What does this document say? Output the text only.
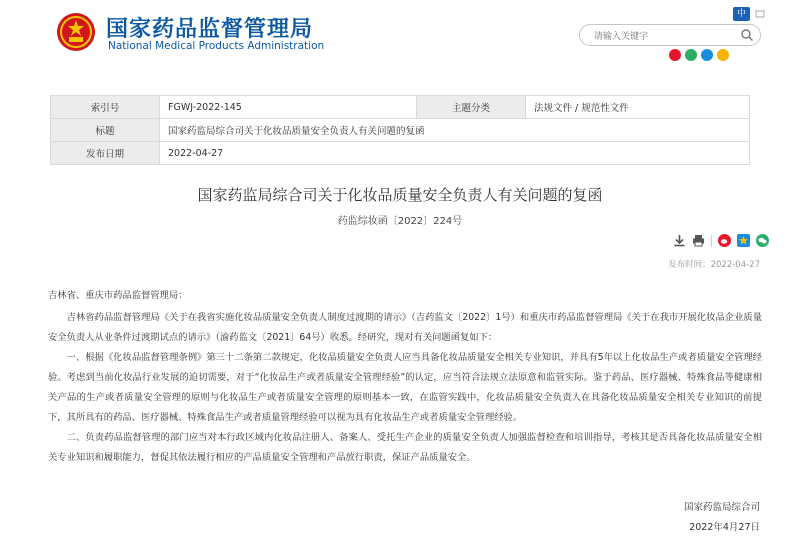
国家药品监督管理局
National Medical Products Administration
中
请输入关键字
索引号	FGWJ-2022-145	主题分类	法规文件 / 规范性文件
标题	国家药监局综合司关于化妆品质量安全负责人有关问题的复函		
发布日期	2022-04-27		
国家药监局综合司关于化妆品质量安全负责人有关问题的复函
药监综妆函〔2022〕224号
发布时间：2022-04-27

吉林省、重庆市药品监督管理局：

吉林省药品监督管理局《关于在我省实施化妆品质量安全负责人制度过渡期的请示》（吉药监文〔2022〕1号）和重庆市药品监督管理局《关于在我市开展化妆品企业质量安全负责人从业条件过渡期试点的请示》（渝药监文〔2021〕64号）收悉。经研究，现对有关问题函复如下：

一、根据《化妆品监督管理条例》第三十二条第二款规定，化妆品质量安全负责人应当具备化妆品质量安全相关专业知识，并具有5年以上化妆品生产或者质量安全管理经验。考虑到当前化妆品行业发展的迫切需要，对于“化妆品生产或者质量安全管理经验”的认定，应当符合法规立法原意和监管实际。鉴于药品、医疗器械、特殊食品等健康相关产品的生产或者质量安全管理的原则与化妆品生产或者质量安全管理的原则基本一致，在监管实践中，化妆品质量安全负责人在具备化妆品质量安全相关专业知识的前提下，其所具有的药品、医疗器械、特殊食品生产或者质量管理经验可以视为具有化妆品生产或者质量安全管理经验。

二、负责药品监督管理的部门应当对本行政区域内化妆品注册人、备案人、受托生产企业的质量安全负责人加强监督检查和培训指导，考核其是否具备化妆品质量安全相关专业知识和履职能力，督促其依法履行相应的产品质量安全管理和产品放行职责，保证产品质量安全。

国家药监局综合司
2022年4月27日
